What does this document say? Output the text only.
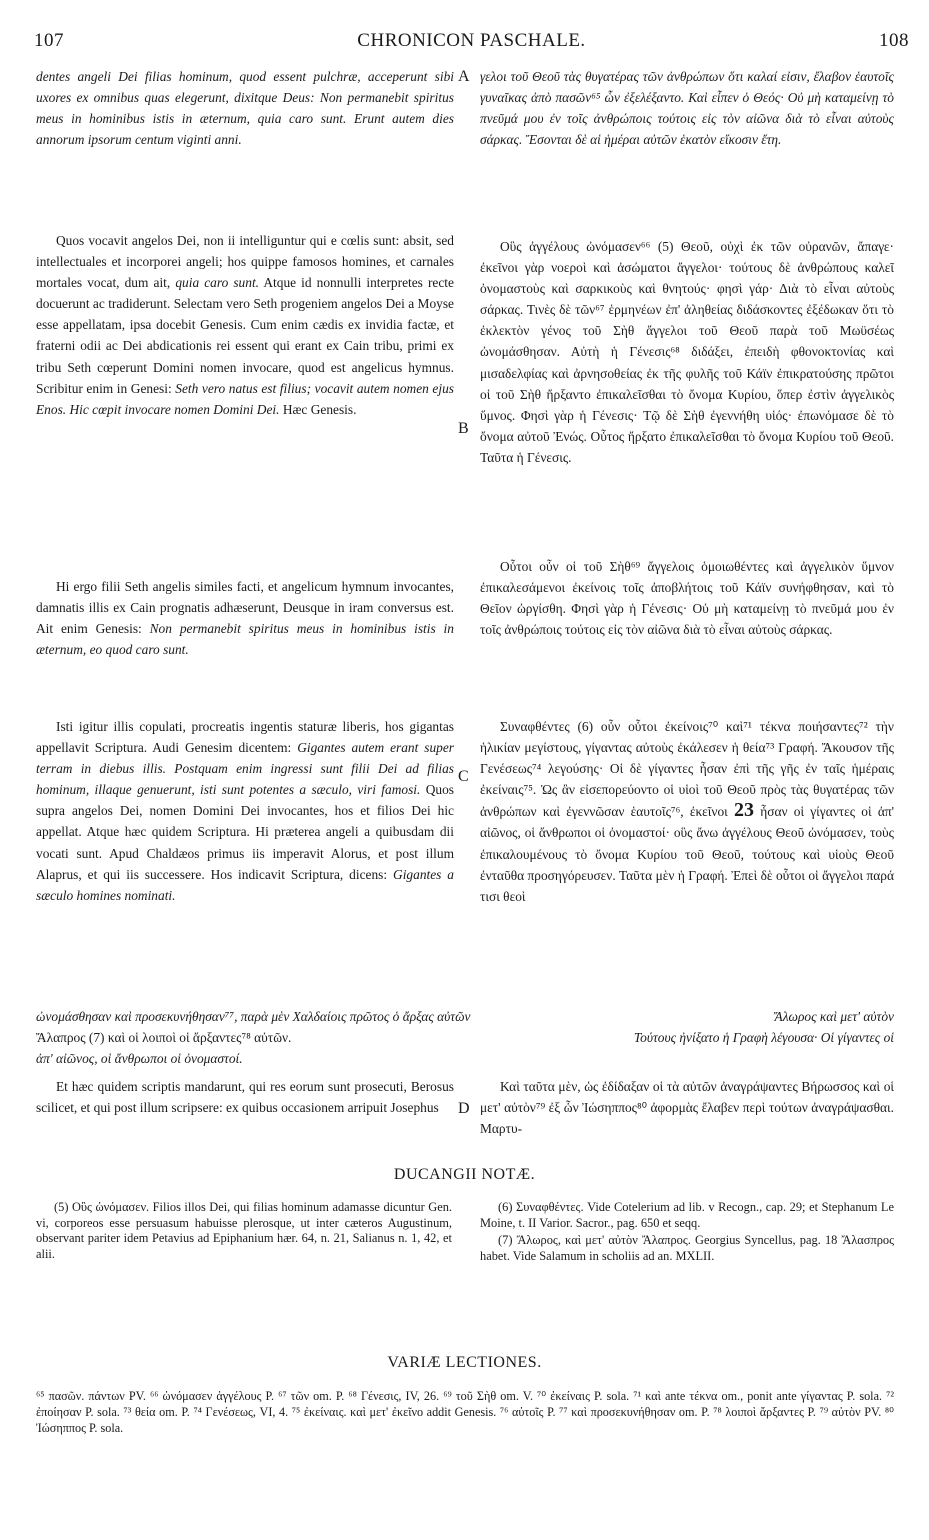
107	CHRONICON PASCHALE.	108

dentes angeli Dei filias hominum, quod essent pulchræ, acceperunt sibi uxores ex omnibus quas elegerunt, dixitque Deus: Non permanebit spiritus meus in hominibus istis in æternum, quia caro sunt. Erunt autem dies annorum ipsorum centum viginti anni.

Quos vocavit angelos Dei, non ii intelliguntur qui e cœlis sunt: absit, sed intellectuales et incorporei angeli; hos quippe famosos homines, et carnales mortales vocat, dum ait, quia caro sunt. Atque id nonnulli interpretes recte docuerunt ac tradiderunt. Selectam vero Seth progeniem angelos Dei a Moyse esse appellatam, ipsa docebit Genesis. Cum enim cædis ex invidia factæ, et fraterni odii ac Dei abdicationis rei essent qui erant ex Cain tribu, primi ex tribu Seth cœperunt Domini nomen invocare, quod est angelicus hymnus. Scribitur enim in Genesi: Seth vero natus est filius; vocavit autem nomen ejus Enos. Hic cœpit invocare nomen Domini Dei. Hæc Genesis.

Hi ergo filii Seth angelis similes facti, et angelicum hymnum invocantes, damnatis illis ex Cain prognatis adhæserunt, Deusque in iram conversus est. Ait enim Genesis: Non permanebit spiritus meus in hominibus istis in æternum, eo quod caro sunt.

Isti igitur illis copulati, procreatis ingentis staturæ liberis, hos gigantas appellavit Scriptura. Audi Genesim dicentem: Gigantes autem erant super terram in diebus illis. Postquam enim ingressi sunt filii Dei ad filias hominum, illaque genuerunt, isti sunt potentes a sæculo, viri famosi. Quos supra angelos Dei, nomen Domini Dei invocantes, hos et filios Dei hic appellat. Atque hæc quidem Scriptura. Hi præterea angeli a quibusdam dii vocati sunt. Apud Chaldæos primus iis imperavit Alorus, et post illum Alaprus, et qui iis successere. Hos indicavit Scriptura, dicens: Gigantes a sæculo homines nominati.

Et hæc quidem scriptis mandarunt, qui res eorum sunt prosecuti, Berosus scilicet, et qui post illum scripsere: ex quibus occasionem arripuit Josephus

A
B
C
D

γελοι τοῦ Θεοῦ τὰς θυγατέρας τῶν ἀνθρώπων ὅτι καλαί εἰσιν, ἔλαβον ἑαυτοῖς γυναῖκας ἀπὸ πασῶν⁶⁵ ὧν ἐξελέξαντο. Καὶ εἶπεν ὁ Θεός· Οὐ μὴ καταμείνῃ τὸ πνεῦμά μου ἐν τοῖς ἀνθρώποις τούτοις εἰς τὸν αἰῶνα διὰ τὸ εἶναι αὐτοὺς σάρκας. Ἔσονται δὲ αἱ ἡμέραι αὐτῶν ἑκατὸν εἴκοσιν ἔτη.

Οὓς ἀγγέλους ὠνόμασεν⁶⁶ (5) Θεοῦ, οὐχὶ ἐκ τῶν οὐρανῶν, ἄπαγε· ἐκεῖνοι γὰρ νοεροὶ καὶ ἀσώματοι ἄγγελοι· τούτους δὲ ἀνθρώπους καλεῖ ὀνομαστοὺς καὶ σαρκικοὺς καὶ θνητούς· φησὶ γάρ· Διὰ τὸ εἶναι αὐτοὺς σάρκας. Τινὲς δὲ τῶν⁶⁷ ἑρμηνέων ἐπ' ἀληθείας διδάσκοντες ἐξέδωκαν ὅτι τὸ ἐκλεκτὸν γένος τοῦ Σὴθ ἄγγελοι τοῦ Θεοῦ παρὰ τοῦ Μωϋσέως ὠνομάσθησαν. Αὐτὴ ἡ Γένεσις⁶⁸ διδάξει, ἐπειδὴ φθονοκτονίας καὶ μισαδελφίας καὶ ἀρνησοθείας ἐκ τῆς φυλῆς τοῦ Κάϊν ἐπικρατούσης πρῶτοι οἱ τοῦ Σὴθ ἤρξαντο ἐπικαλεῖσθαι τὸ ὄνομα Κυρίου, ὅπερ ἐστὶν ἀγγελικὸς ὕμνος. Φησὶ γὰρ ἡ Γένεσις· Τῷ δὲ Σὴθ ἐγεννήθη υἱός· ἐπωνόμασε δὲ τὸ ὄνομα αὐτοῦ Ἐνώς. Οὗτος ἤρξατο ἐπικαλεῖσθαι τὸ ὄνομα Κυρίου τοῦ Θεοῦ. Ταῦτα ἡ Γένεσις.

Οὗτοι οὖν οἱ τοῦ Σὴθ⁶⁹ ἄγγελοις ὁμοιωθέντες καὶ ἀγγελικὸν ὕμνον ἐπικαλεσάμενοι ἐκείνοις τοῖς ἀποβλήτοις τοῦ Κάϊν συνήφθησαν, καὶ τὸ Θεῖον ὠργίσθη. Φησὶ γὰρ ἡ Γένεσις· Οὐ μὴ καταμείνῃ τὸ πνεῦμά μου ἐν τοῖς ἀνθρώποις τούτοις εἰς τὸν αἰῶνα διὰ τὸ εἶναι αὐτοὺς σάρκας.

Συναφθέντες (6) οὖν οὗτοι ἐκείνοις⁷⁰ καὶ⁷¹ τέκνα ποιήσαντες⁷² τὴν ἡλικίαν μεγίστους, γίγαντας αὐτοὺς ἐκάλεσεν ἡ θεία⁷³ Γραφή. Ἄκουσον τῆς Γενέσεως⁷⁴ λεγούσης· Οἱ δὲ γίγαντες ἦσαν ἐπὶ τῆς γῆς ἐν ταῖς ἡμέραις ἐκείναις⁷⁵. Ὡς ἂν εἰσεπορεύοντο οἱ υἱοὶ τοῦ Θεοῦ πρὸς τὰς θυγατέρας τῶν ἀνθρώπων καὶ ἐγεννῶσαν ἑαυτοῖς⁷⁶, ἐκεῖνοι 23 ἦσαν οἱ γίγαντες οἱ ἀπ' αἰῶνος, οἱ ἄνθρωποι οἱ ὀνομαστοί· οὓς ἄνω ἀγγέλους Θεοῦ ὠνόμασεν, τοὺς ἐπικαλουμένους τὸ ὄνομα Κυρίου τοῦ Θεοῦ, τούτους καὶ υἱοὺς Θεοῦ ἐνταῦθα προσηγόρευσεν. Ταῦτα μὲν ἡ Γραφή. Ἐπεὶ δὲ οὗτοι οἱ ἄγγελοι παρά τισι θεοὶ

Καὶ ταῦτα μὲν, ὡς ἐδίδαξαν οἱ τὰ αὐτῶν ἀναγράψαντες Βήρωσσος καὶ οἱ μετ' αὐτὸν⁷⁹ ἐξ ὧν Ἰώσηππος⁸⁰ ἀφορμὰς ἔλαβεν περὶ τούτων ἀναγράψασθαι. Μαρτυ-

ὠνομάσθησαν καὶ προσεκυνήθησαν⁷⁷, παρὰ μὲν Χαλδαίοις πρῶτος ὁ ἄρξας αὐτῶν	Ἄλωρος καὶ μετ' αὐτὸν
Ἄλαπρος (7) καὶ οἱ λοιποὶ οἱ ἄρξαντες⁷⁸ αὐτῶν.	Τούτους ἠνίξατο ἡ Γραφὴ λέγουσα· Οἱ γίγαντες οἱ
ἀπ' αἰῶνος, οἱ ἄνθρωποι οἱ ὀνομαστοί.
DUCANGII NOTÆ.

(5) Οὓς ὠνόμασεν. Filios illos Dei, qui filias hominum adamasse dicuntur Gen. vi, corporeos esse persuasum habuisse plerosque, ut inter cæteros Augustinum, observant pariter idem Petavius ad Epiphanium hær. 64, n. 21, Salianus n. 1, 42, et alii.

(6) Συναφθέντες. Vide Cotelerium ad lib. v Recogn., cap. 29; et Stephanum Le Moine, t. II Varior. Sacror., pag. 650 et seqq.

(7) Ἄλωρος, καὶ μετ' αὐτὸν Ἄλαπρος. Georgius Syncellus, pag. 18 Ἄλασπρος habet. Vide Salamum in scholiis ad an. MXLII.

VARIÆ LECTIONES.
⁶⁵ πασῶν. πάντων PV. ⁶⁶ ὠνόμασεν ἀγγέλους P. ⁶⁷ τῶν om. P. ⁶⁸ Γένεσις, IV, 26. ⁶⁹ τοῦ Σὴθ om. V. ⁷⁰ ἐκείναις P. sola. ⁷¹ καὶ ante τέκνα om., ponit ante γίγαντας P. sola. ⁷² ἐποίησαν P. sola. ⁷³ θεία om. P. ⁷⁴ Γενέσεως, VI, 4. ⁷⁵ ἐκείναις. καὶ μετ' ἐκεῖνο addit Genesis. ⁷⁶ αὐτοῖς P. ⁷⁷ καὶ προσεκυνήθησαν om. P. ⁷⁸ λοιποὶ ἄρξαντες P. ⁷⁹ αὐτὸν PV. ⁸⁰ Ἰώσηππος P. sola.
